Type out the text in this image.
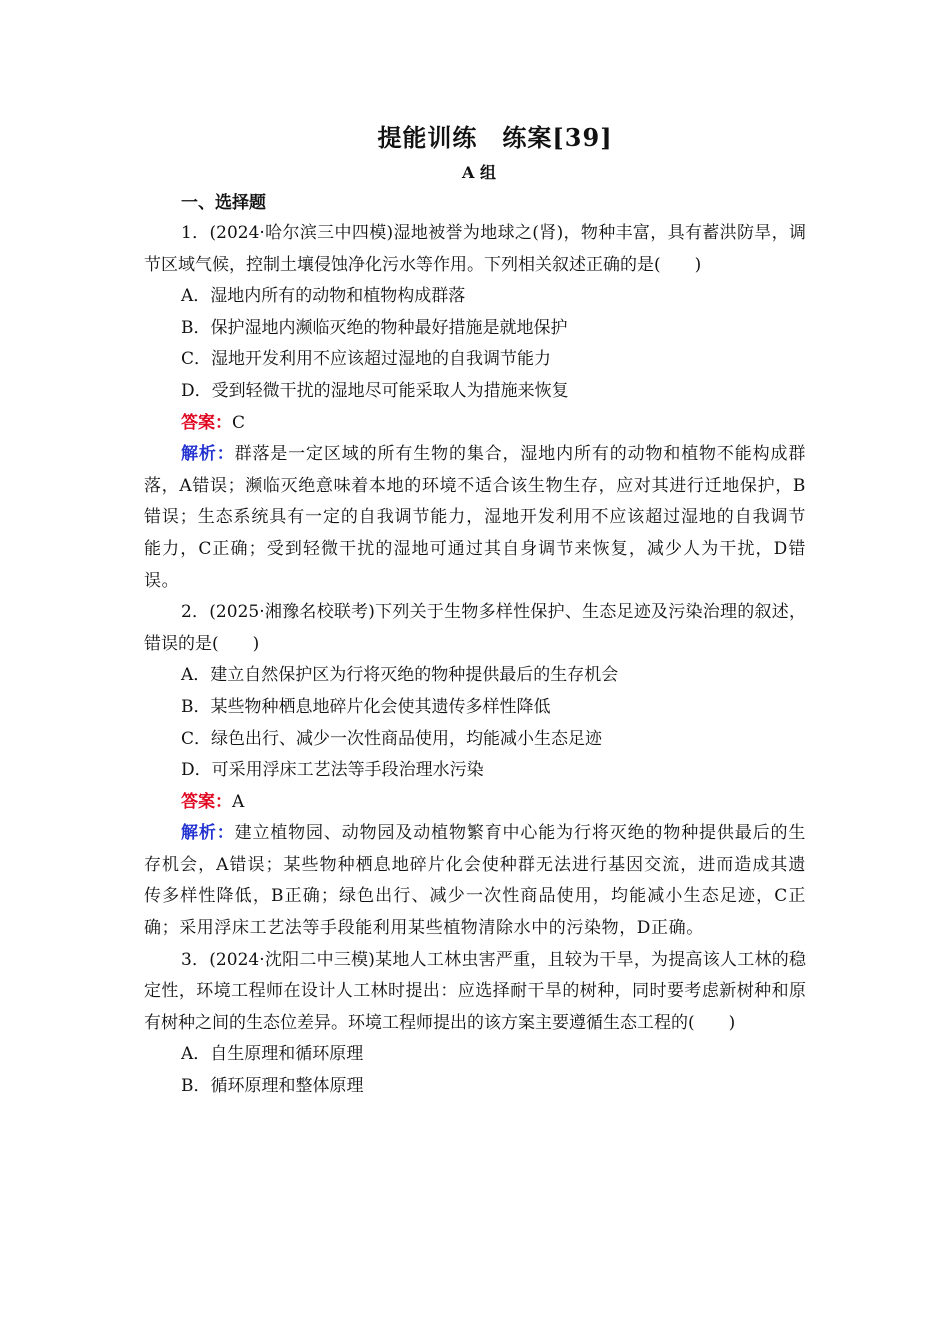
提能训练　练案[39]
A 组
一、选择题

1．(2024·哈尔滨三中四模)湿地被誉为地球之(肾)，物种丰富，具有蓄洪防旱，调节区域气候，控制土壤侵蚀净化污水等作用。下列相关叙述正确的是(　　)

A．湿地内所有的动物和植物构成群落

B．保护湿地内濒临灭绝的物种最好措施是就地保护

C．湿地开发利用不应该超过湿地的自我调节能力

D．受到轻微干扰的湿地尽可能采取人为措施来恢复

答案：C

解析：群落是一定区域的所有生物的集合，湿地内所有的动物和植物不能构成群落，A错误；濒临灭绝意味着本地的环境不适合该生物生存，应对其进行迁地保护，B错误；生态系统具有一定的自我调节能力，湿地开发利用不应该超过湿地的自我调节能力，C正确；受到轻微干扰的湿地可通过其自身调节来恢复，减少人为干扰，D错误。

2．(2025·湘豫名校联考)下列关于生物多样性保护、生态足迹及污染治理的叙述，错误的是(　　)

A．建立自然保护区为行将灭绝的物种提供最后的生存机会

B．某些物种栖息地碎片化会使其遗传多样性降低

C．绿色出行、减少一次性商品使用，均能减小生态足迹

D．可采用浮床工艺法等手段治理水污染

答案：A

解析：建立植物园、动物园及动植物繁育中心能为行将灭绝的物种提供最后的生存机会，A错误；某些物种栖息地碎片化会使种群无法进行基因交流，进而造成其遗传多样性降低，B正确；绿色出行、减少一次性商品使用，均能减小生态足迹，C正确；采用浮床工艺法等手段能利用某些植物清除水中的污染物，D正确。

3．(2024·沈阳二中三模)某地人工林虫害严重，且较为干旱，为提高该人工林的稳定性，环境工程师在设计人工林时提出：应选择耐干旱的树种，同时要考虑新树种和原有树种之间的生态位差异。环境工程师提出的该方案主要遵循生态工程的(　　)

A．自生原理和循环原理

B．循环原理和整体原理
